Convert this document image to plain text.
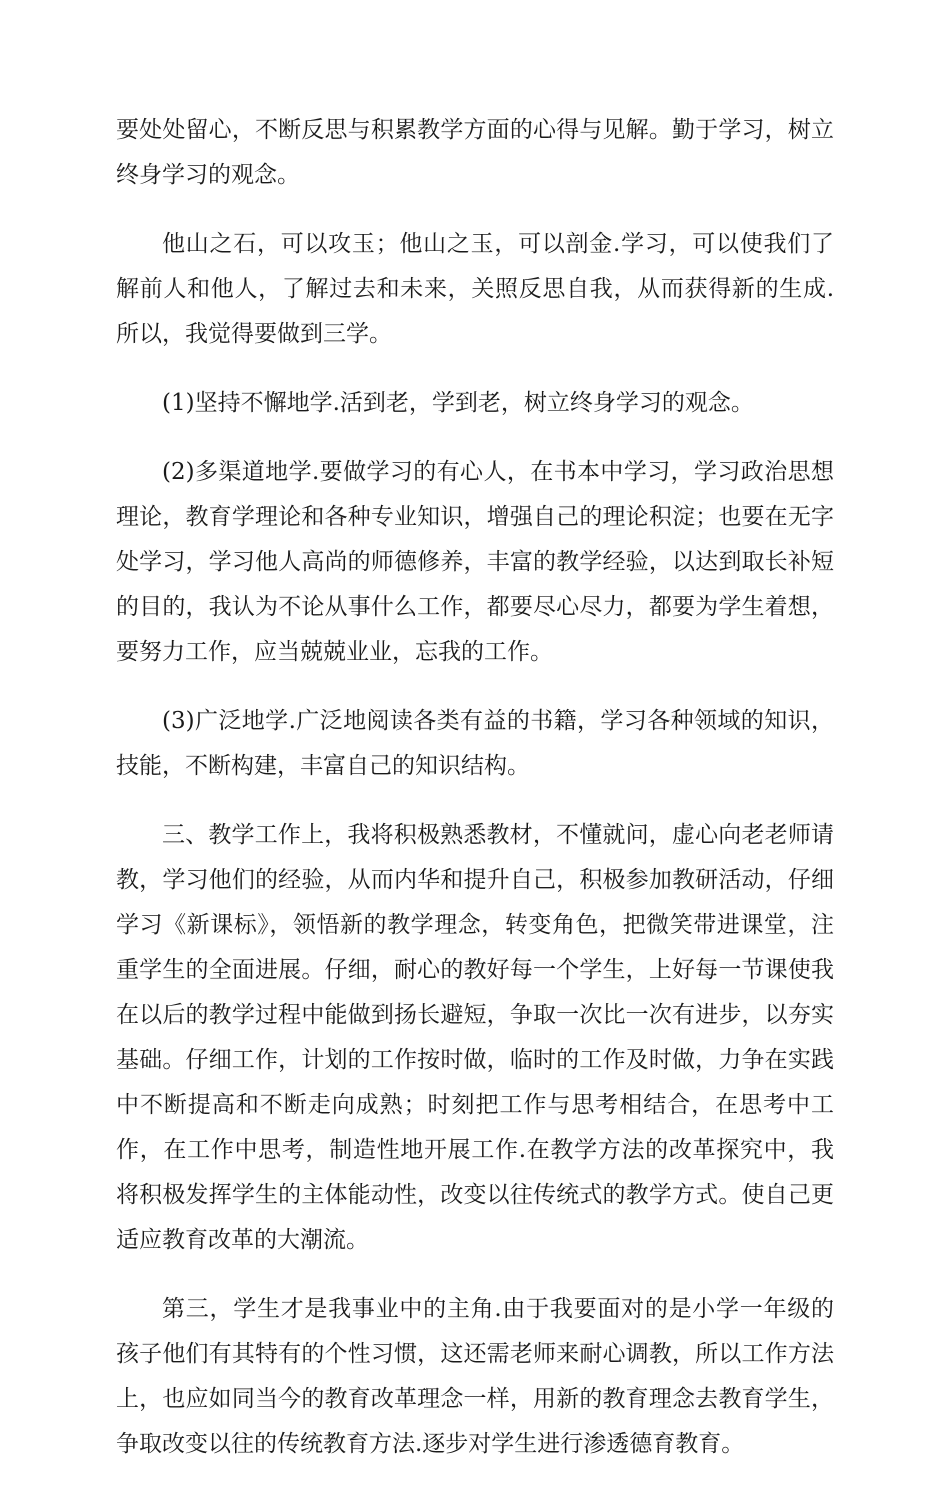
要处处留心，不断反思与积累教学方面的心得与见解。勤于学习，树立终身学习的观念。

他山之石，可以攻玉；他山之玉，可以剖金.学习，可以使我们了解前人和他人，了解过去和未来，关照反思自我，从而获得新的生成.所以，我觉得要做到三学。

(1)坚持不懈地学.活到老，学到老，树立终身学习的观念。

(2)多渠道地学.要做学习的有心人，在书本中学习，学习政治思想理论，教育学理论和各种专业知识，增强自己的理论积淀；也要在无字处学习，学习他人高尚的师德修养，丰富的教学经验，以达到取长补短的目的，我认为不论从事什么工作，都要尽心尽力，都要为学生着想，要努力工作，应当兢兢业业，忘我的工作。

(3)广泛地学.广泛地阅读各类有益的书籍，学习各种领域的知识，技能，不断构建，丰富自己的知识结构。

三、教学工作上，我将积极熟悉教材，不懂就问，虚心向老老师请教，学习他们的经验，从而内华和提升自己，积极参加教研活动，仔细学习《新课标》，领悟新的教学理念，转变角色，把微笑带进课堂，注重学生的全面进展。仔细，耐心的教好每一个学生，上好每一节课使我在以后的教学过程中能做到扬长避短，争取一次比一次有进步，以夯实基础。仔细工作，计划的工作按时做，临时的工作及时做，力争在实践中不断提高和不断走向成熟；时刻把工作与思考相结合，在思考中工作，在工作中思考，制造性地开展工作.在教学方法的改革探究中，我将积极发挥学生的主体能动性，改变以往传统式的教学方式。使自己更适应教育改革的大潮流。

第三，学生才是我事业中的主角.由于我要面对的是小学一年级的孩子他们有其特有的个性习惯，这还需老师来耐心调教，所以工作方法上，也应如同当今的教育改革理念一样，用新的教育理念去教育学生，争取改变以往的传统教育方法.逐步对学生进行渗透德育教育。
